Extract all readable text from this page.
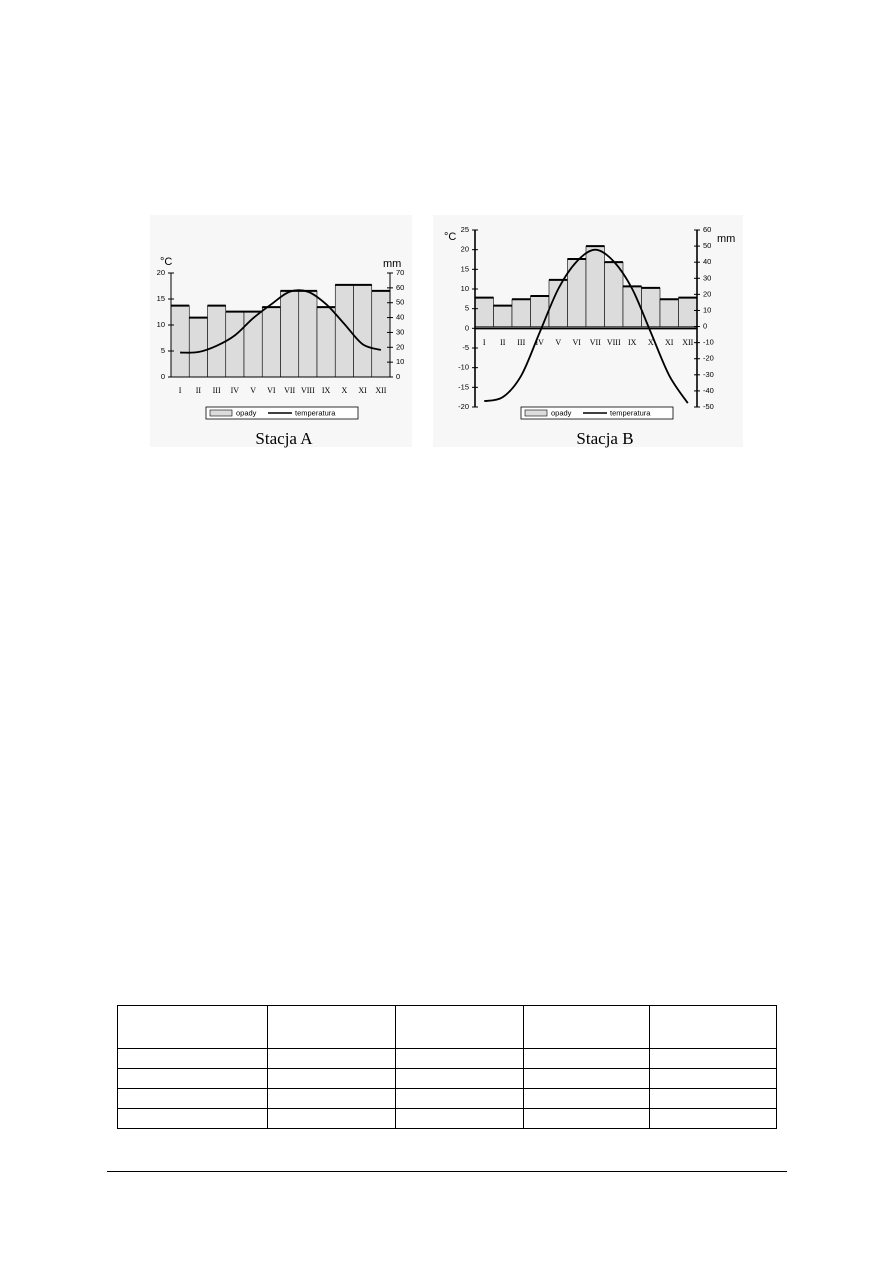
20
15
10
5
0
70
60
50
40
30
20
10
0
°C	mm
I II III IV V VI VII VIII IX X XI XII
opady	temperatura
Stacja A
25
20
15
10
5
0
-5
-10
-15
-20
60
50
40
30
20
10
0
-10
-20
-30
-40
-50
°C	mm
I II III IV V VI VII VIII IX X XI XII
opady	temperatura
Stacja B
